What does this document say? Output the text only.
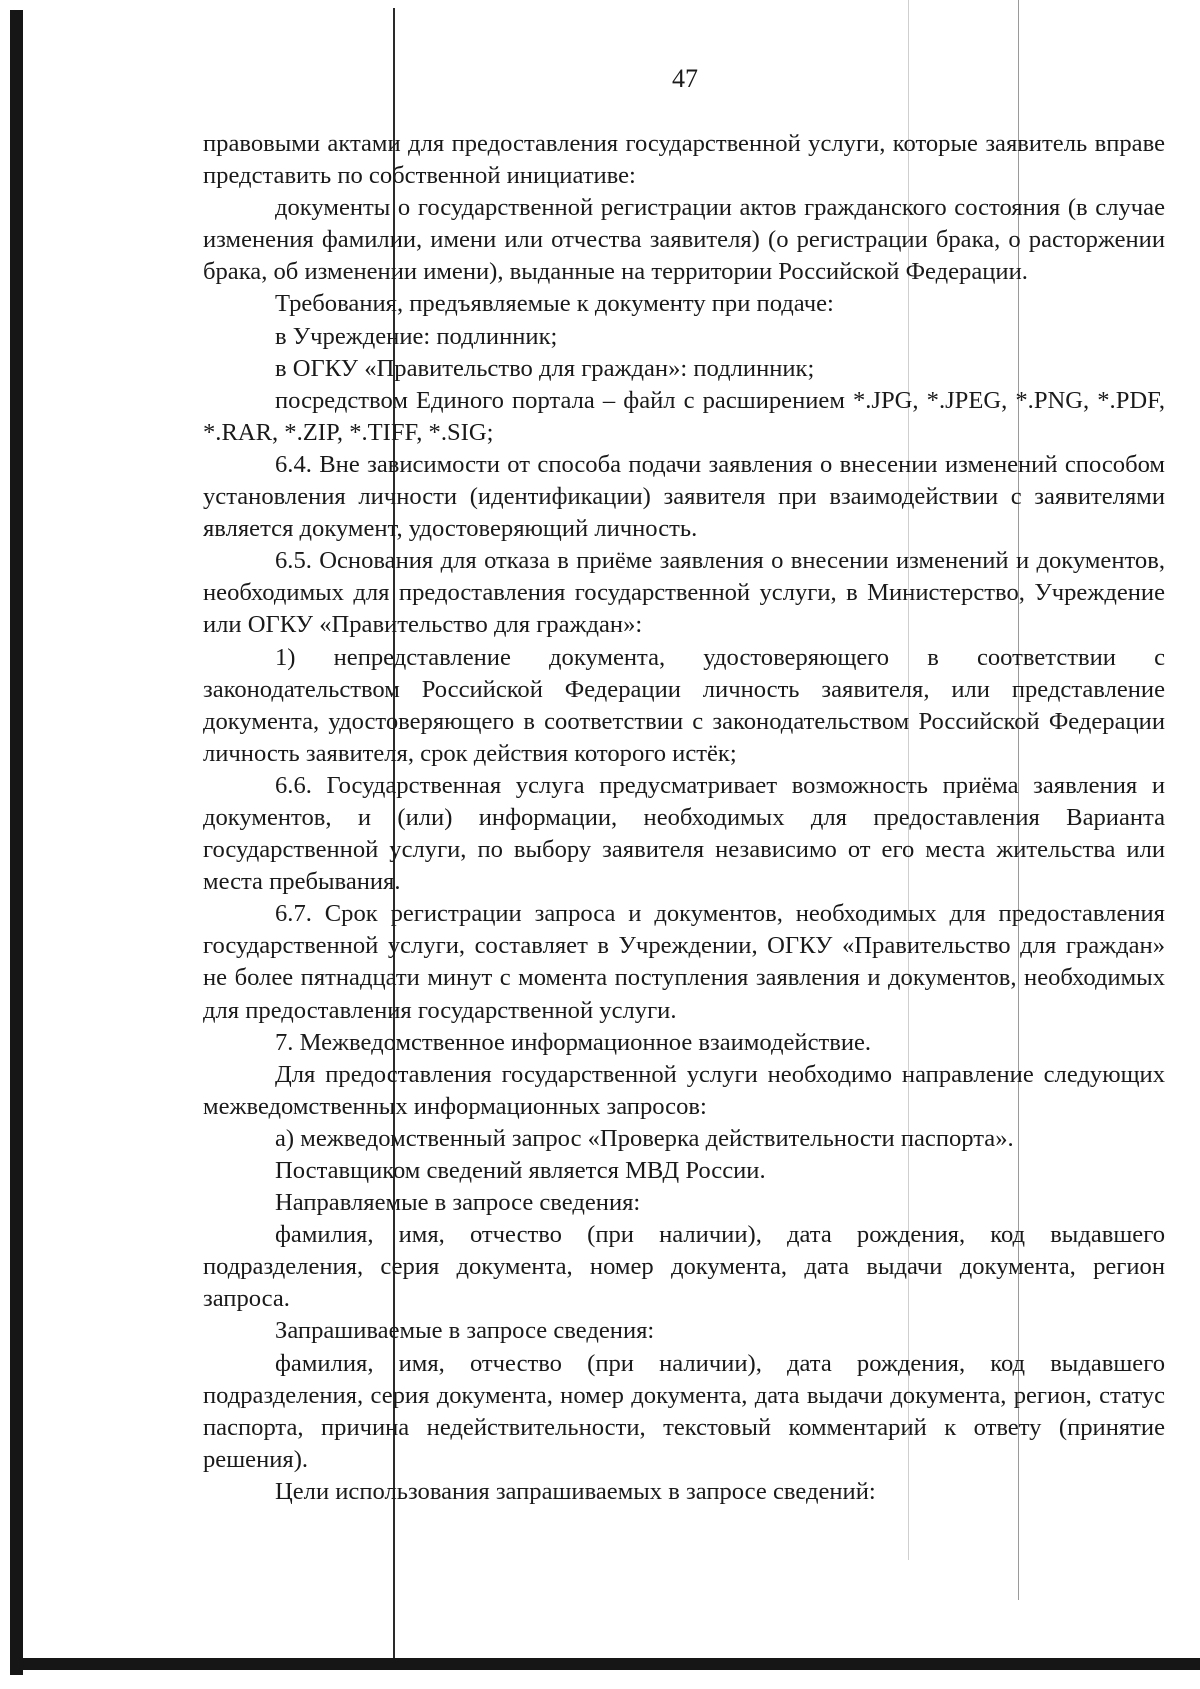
47

правовыми актами для предоставления государственной услуги, которые заявитель вправе представить по собственной инициативе:

документы о государственной регистрации актов гражданского состояния (в случае изменения фамилии, имени или отчества заявителя) (о регистрации брака, о расторжении брака, об изменении имени), выданные на территории Российской Федерации.

Требования, предъявляемые к документу при подаче:

в Учреждение: подлинник;

в ОГКУ «Правительство для граждан»: подлинник;

посредством Единого портала – файл с расширением *.JPG, *.JPEG, *.PNG, *.PDF, *.RAR, *.ZIP, *.TIFF, *.SIG;

6.4. Вне зависимости от способа подачи заявления о внесении изменений способом установления личности (идентификации) заявителя при взаимодействии с заявителями является документ, удостоверяющий личность.

6.5. Основания для отказа в приёме заявления о внесении изменений и документов, необходимых для предоставления государственной услуги, в Министерство, Учреждение или ОГКУ «Правительство для граждан»:

1) непредставление документа, удостоверяющего в соответствии с законодательством Российской Федерации личность заявителя, или представление документа, удостоверяющего в соответствии с законодательством Российской Федерации личность заявителя, срок действия которого истёк;

6.6. Государственная услуга предусматривает возможность приёма заявления и документов, и (или) информации, необходимых для предоставления Варианта государственной услуги, по выбору заявителя независимо от его места жительства или места пребывания.

6.7. Срок регистрации запроса и документов, необходимых для предоставления государственной услуги, составляет в Учреждении, ОГКУ «Правительство для граждан» не более пятнадцати минут с момента поступления заявления и документов, необходимых для предоставления государственной услуги.

7. Межведомственное информационное взаимодействие.

Для предоставления государственной услуги необходимо направление следующих межведомственных информационных запросов:

а) межведомственный запрос «Проверка действительности паспорта».

Поставщиком сведений является МВД России.

Направляемые в запросе сведения:

фамилия, имя, отчество (при наличии), дата рождения, код выдавшего подразделения, серия документа, номер документа, дата выдачи документа, регион запроса.

Запрашиваемые в запросе сведения:

фамилия, имя, отчество (при наличии), дата рождения, код выдавшего подразделения, серия документа, номер документа, дата выдачи документа, регион, статус паспорта, причина недействительности, текстовый комментарий к ответу (принятие решения).

Цели использования запрашиваемых в запросе сведений:
